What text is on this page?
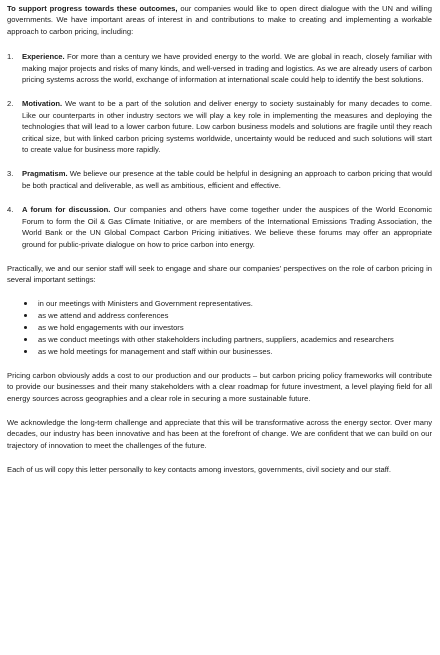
To support progress towards these outcomes, our companies would like to open direct dialogue with the UN and willing governments. We have important areas of interest in and contributions to make to creating and implementing a workable approach to carbon pricing, including:

1. Experience. For more than a century we have provided energy to the world. We are global in reach, closely familiar with making major projects and risks of many kinds, and well-versed in trading and logistics. As we are already users of carbon pricing systems across the world, exchange of information at international scale could help to identify the best solutions.
2. Motivation. We want to be a part of the solution and deliver energy to society sustainably for many decades to come. Like our counterparts in other industry sectors we will play a key role in implementing the measures and deploying the technologies that will lead to a lower carbon future. Low carbon business models and solutions are fragile until they reach critical size, but with linked carbon pricing systems worldwide, uncertainty would be reduced and such solutions will start to create value for business more rapidly.
3. Pragmatism. We believe our presence at the table could be helpful in designing an approach to carbon pricing that would be both practical and deliverable, as well as ambitious, efficient and effective.
4. A forum for discussion. Our companies and others have come together under the auspices of the World Economic Forum to form the Oil & Gas Climate Initiative, or are members of the International Emissions Trading Association, the World Bank or the UN Global Compact Carbon Pricing initiatives. We believe these forums may offer an appropriate ground for public-private dialogue on how to price carbon into energy.

Practically, we and our senior staff will seek to engage and share our companies' perspectives on the role of carbon pricing in several important settings:

in our meetings with Ministers and Government representatives.
as we attend and address conferences
as we hold engagements with our investors
as we conduct meetings with other stakeholders including partners, suppliers, academics and researchers
as we hold meetings for management and staff within our businesses.

Pricing carbon obviously adds a cost to our production and our products – but carbon pricing policy frameworks will contribute to provide our businesses and their many stakeholders with a clear roadmap for future investment, a level playing field for all energy sources across geographies and a clear role in securing a more sustainable future.

We acknowledge the long-term challenge and appreciate that this will be transformative across the energy sector. Over many decades, our industry has been innovative and has been at the forefront of change. We are confident that we can build on our trajectory of innovation to meet the challenges of the future.

Each of us will copy this letter personally to key contacts among investors, governments, civil society and our staff.
